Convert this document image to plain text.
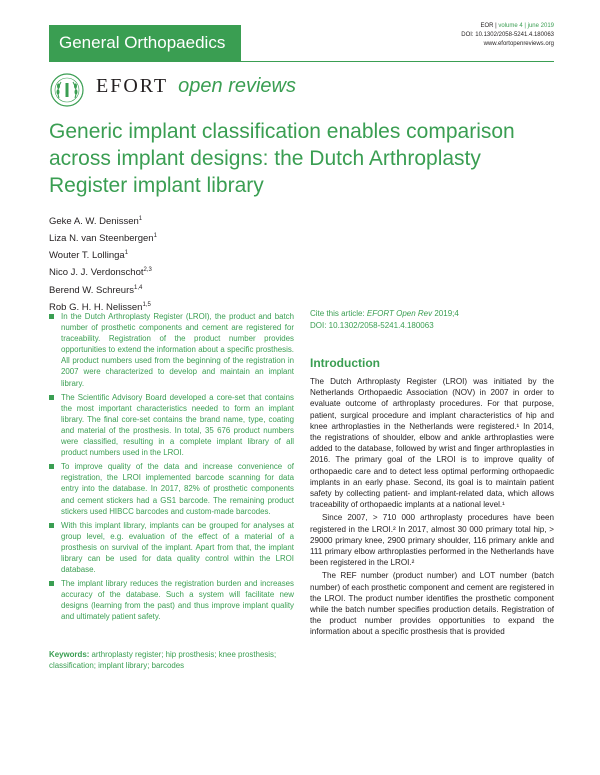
General Orthopaedics
EOR | volume 4 | june 2019
DOI: 10.1302/2058-5241.4.180063
www.efortopenreviews.org
EFORT open reviews
Generic implant classification enables comparison across implant designs: the Dutch Arthroplasty Register implant library
Geke A. W. Denissen$^1$
Liza N. van Steenbergen$^1$
Wouter T. Lollinga$^1$
Nico J. J. Verdonschot$^{2,3}$
Berend W. Schreurs$^{1,4}$
Rob G. H. H. Nelissen$^{1,5}$
Cite this article: EFORT Open Rev 2019;4
DOI: 10.1302/2058-5241.4.180063
In the Dutch Arthroplasty Register (LROI), the product and batch number of prosthetic components and cement are registered for traceability. Registration of the product number provides opportunities to extend the information about a specific prosthesis. All product numbers used from the beginning of the registration in 2007 were characterized to develop and maintain an implant library.
The Scientific Advisory Board developed a core-set that contains the most important characteristics needed to form an implant library. The final core-set contains the brand name, type, coating and material of the prosthesis. In total, 35 676 product numbers were classified, resulting in a complete implant library of all product numbers used in the LROI.
To improve quality of the data and increase convenience of registration, the LROI implemented barcode scanning for data entry into the database. In 2017, 82% of prosthetic components and cement stickers had a GS1 barcode. The remaining product stickers used HIBCC barcodes and custom-made barcodes.
With this implant library, implants can be grouped for analyses at group level, e.g. evaluation of the effect of a material of a prosthesis on survival of the implant. Apart from that, the implant library can be used for data quality control within the LROI database.
The implant library reduces the registration burden and increases accuracy of the database. Such a system will facilitate new designs (learning from the past) and thus improve implant quality and ultimately patient safety.
Keywords: arthroplasty register; hip prosthesis; knee prosthesis; classification; implant library; barcodes
Introduction

The Dutch Arthroplasty Register (LROI) was initiated by the Netherlands Orthopaedic Association (NOV) in 2007 in order to evaluate outcome of arthroplasty procedures. For that purpose, patient, surgical procedure and implant characteristics of hip and knee arthroplasties in the Netherlands were registered.¹ In 2014, the registrations of shoulder, elbow and ankle arthroplasties were added to the database, followed by wrist and finger arthroplasties in 2016. The primary goal of the LROI is to improve quality of orthopaedic care and to detect less optimal performing orthopaedic implants in an early phase. Second, its goal is to maintain patient safety by collecting patient- and implant-related data, which allows traceability of orthopaedic implants at a national level.¹

Since 2007, > 710 000 arthroplasty procedures have been registered in the LROI.² In 2017, almost 30 000 primary total hip, > 29000 primary knee, 2900 primary shoulder, 116 primary ankle and 111 primary elbow arthroplasties performed in the Netherlands have been registered in the LROI.²

The REF number (product number) and LOT number (batch number) of each prosthetic component and cement are registered in the LROI. The product number identifies the prosthetic component while the batch number specifies production details. Registration of the product number provides opportunities to expand the information about a specific prosthesis that is provided
